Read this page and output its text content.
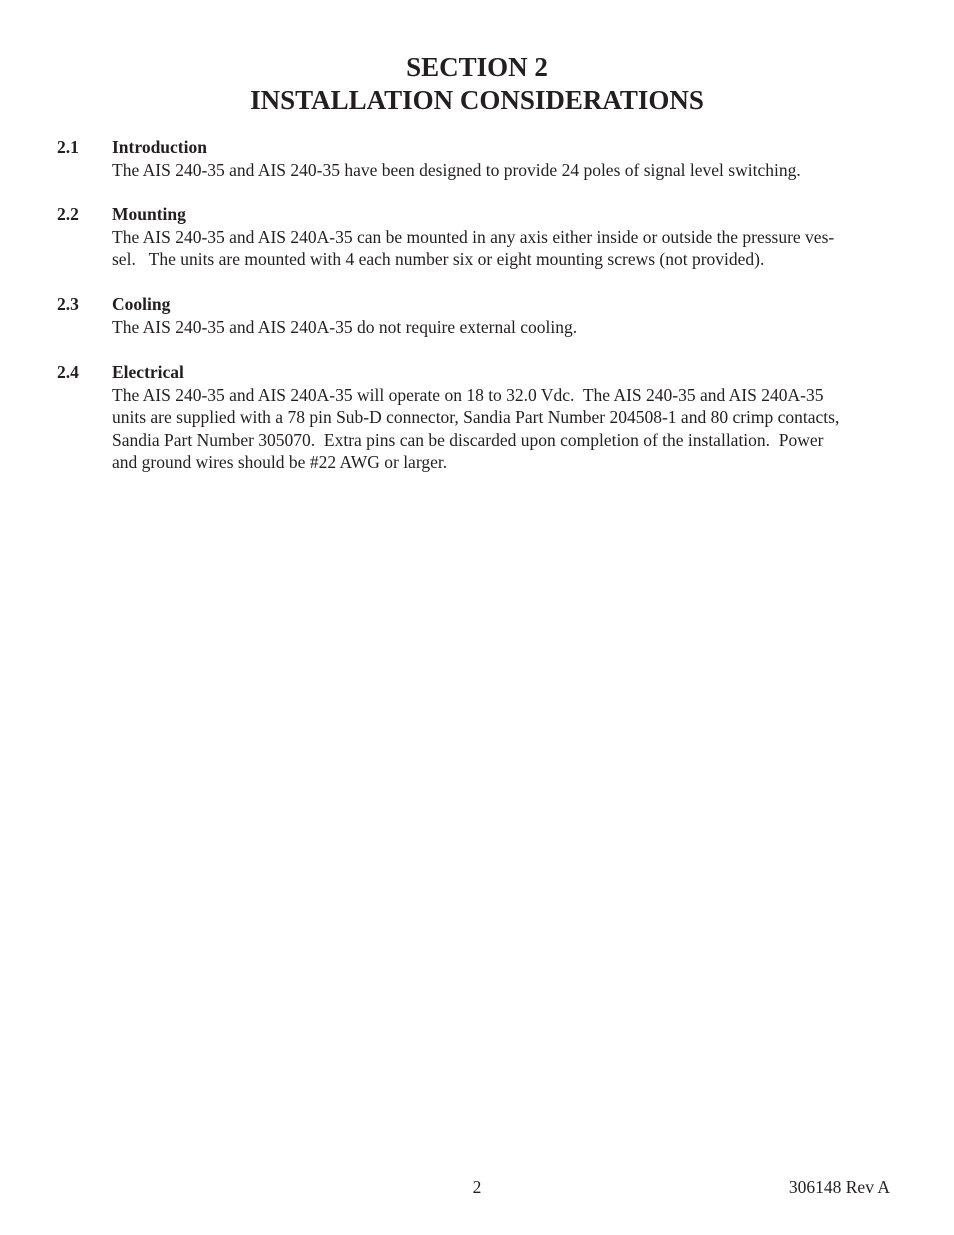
SECTION 2
INSTALLATION CONSIDERATIONS
2.1 Introduction
The AIS 240-35 and AIS 240-35 have been designed to provide 24 poles of signal level switching.
2.2 Mounting
The AIS 240-35 and AIS 240A-35 can be mounted in any axis either inside or outside the pressure ves-
sel.   The units are mounted with 4 each number six or eight mounting screws (not provided).
2.3 Cooling
The AIS 240-35 and AIS 240A-35 do not require external cooling.
2.4 Electrical
The AIS 240-35 and AIS 240A-35 will operate on 18 to 32.0 Vdc.  The AIS 240-35 and AIS 240A-35
units are supplied with a 78 pin Sub-D connector, Sandia Part Number 204508-1 and 80 crimp contacts,
Sandia Part Number 305070.  Extra pins can be discarded upon completion of the installation.  Power
and ground wires should be #22 AWG or larger.
2	306148 Rev A
